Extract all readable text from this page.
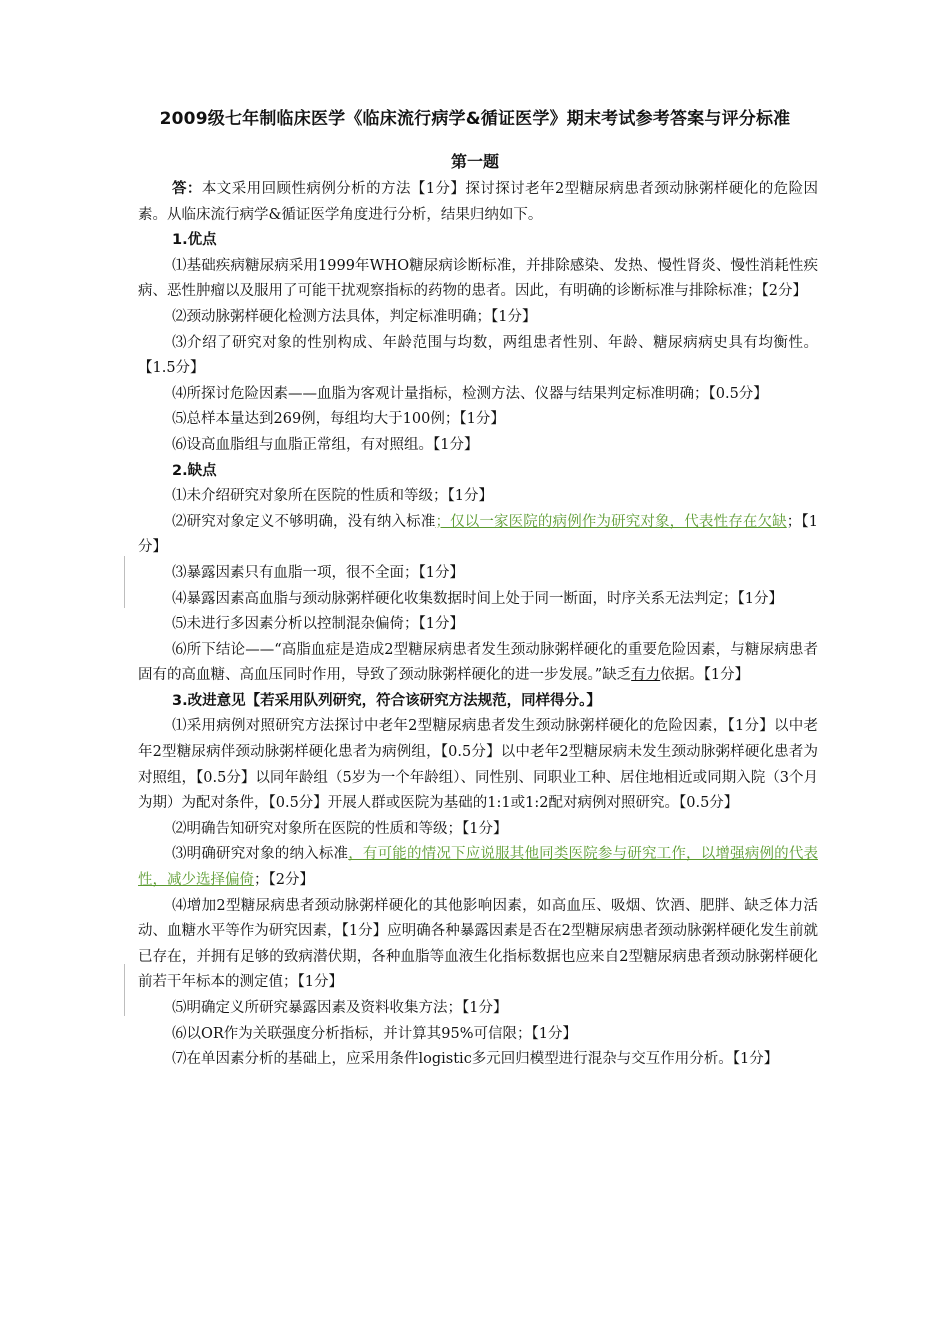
2009级七年制临床医学《临床流行病学&循证医学》期末考试参考答案与评分标准
第一题

答：本文采用回顾性病例分析的方法【1分】探讨探讨老年2型糖尿病患者颈动脉粥样硬化的危险因素。从临床流行病学&循证医学角度进行分析，结果归纳如下。

1.优点

⑴基础疾病糖尿病采用1999年WHO糖尿病诊断标准，并排除感染、发热、慢性肾炎、慢性消耗性疾病、恶性肿瘤以及服用了可能干扰观察指标的药物的患者。因此，有明确的诊断标准与排除标准；【2分】

⑵颈动脉粥样硬化检测方法具体，判定标准明确；【1分】

⑶介绍了研究对象的性别构成、年龄范围与均数，两组患者性别、年龄、糖尿病病史具有均衡性。【1.5分】

⑷所探讨危险因素——血脂为客观计量指标，检测方法、仪器与结果判定标准明确；【0.5分】

⑸总样本量达到269例，每组均大于100例；【1分】

⑹设高血脂组与血脂正常组，有对照组。【1分】

2.缺点

⑴未介绍研究对象所在医院的性质和等级；【1分】

⑵研究对象定义不够明确，没有纳入标准；仅以一家医院的病例作为研究对象，代表性存在欠缺；【1分】

⑶暴露因素只有血脂一项，很不全面；【1分】

⑷暴露因素高血脂与颈动脉粥样硬化收集数据时间上处于同一断面，时序关系无法判定；【1分】

⑸未进行多因素分析以控制混杂偏倚；【1分】

⑹所下结论——“高脂血症是造成2型糖尿病患者发生颈动脉粥样硬化的重要危险因素，与糖尿病患者固有的高血糖、高血压同时作用，导致了颈动脉粥样硬化的进一步发展。”缺乏有力依据。【1分】

3.改进意见【若采用队列研究，符合该研究方法规范，同样得分。】

⑴采用病例对照研究方法探讨中老年2型糖尿病患者发生颈动脉粥样硬化的危险因素，【1分】以中老年2型糖尿病伴颈动脉粥样硬化患者为病例组，【0.5分】以中老年2型糖尿病未发生颈动脉粥样硬化患者为对照组，【0.5分】以同年龄组（5岁为一个年龄组）、同性别、同职业工种、居住地相近或同期入院（3个月为期）为配对条件，【0.5分】开展人群或医院为基础的1:1或1:2配对病例对照研究。【0.5分】

⑵明确告知研究对象所在医院的性质和等级；【1分】

⑶明确研究对象的纳入标准，有可能的情况下应说服其他同类医院参与研究工作，以增强病例的代表性，减少选择偏倚；【2分】

⑷增加2型糖尿病患者颈动脉粥样硬化的其他影响因素，如高血压、吸烟、饮酒、肥胖、缺乏体力活动、血糖水平等作为研究因素，【1分】应明确各种暴露因素是否在2型糖尿病患者颈动脉粥样硬化发生前就已存在，并拥有足够的致病潜伏期，各种血脂等血液生化指标数据也应来自2型糖尿病患者颈动脉粥样硬化前若干年标本的测定值；【1分】

⑸明确定义所研究暴露因素及资料收集方法；【1分】

⑹以OR作为关联强度分析指标，并计算其95%可信限；【1分】

⑺在单因素分析的基础上，应采用条件logistic多元回归模型进行混杂与交互作用分析。【1分】
